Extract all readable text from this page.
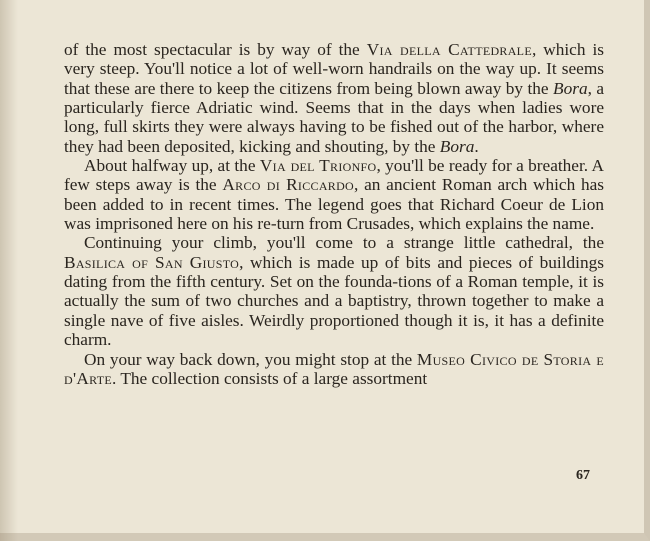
of the most spectacular is by way of the Via della Cattedrale, which is very steep. You'll notice a lot of well-worn handrails on the way up. It seems that these are there to keep the citizens from being blown away by the Bora, a particularly fierce Adriatic wind. Seems that in the days when ladies wore long, full skirts they were always having to be fished out of the harbor, where they had been deposited, kicking and shouting, by the Bora.

About halfway up, at the Via del Trionfo, you'll be ready for a breather. A few steps away is the Arco di Riccardo, an ancient Roman arch which has been added to in recent times. The legend goes that Richard Coeur de Lion was imprisoned here on his re-turn from Crusades, which explains the name.

Continuing your climb, you'll come to a strange little cathedral, the Basilica of San Giusto, which is made up of bits and pieces of buildings dating from the fifth century. Set on the founda-tions of a Roman temple, it is actually the sum of two churches and a baptistry, thrown together to make a single nave of five aisles. Weirdly proportioned though it is, it has a definite charm.

On your way back down, you might stop at the Museo Civico de Storia e d'Arte. The collection consists of a large assortment

67
